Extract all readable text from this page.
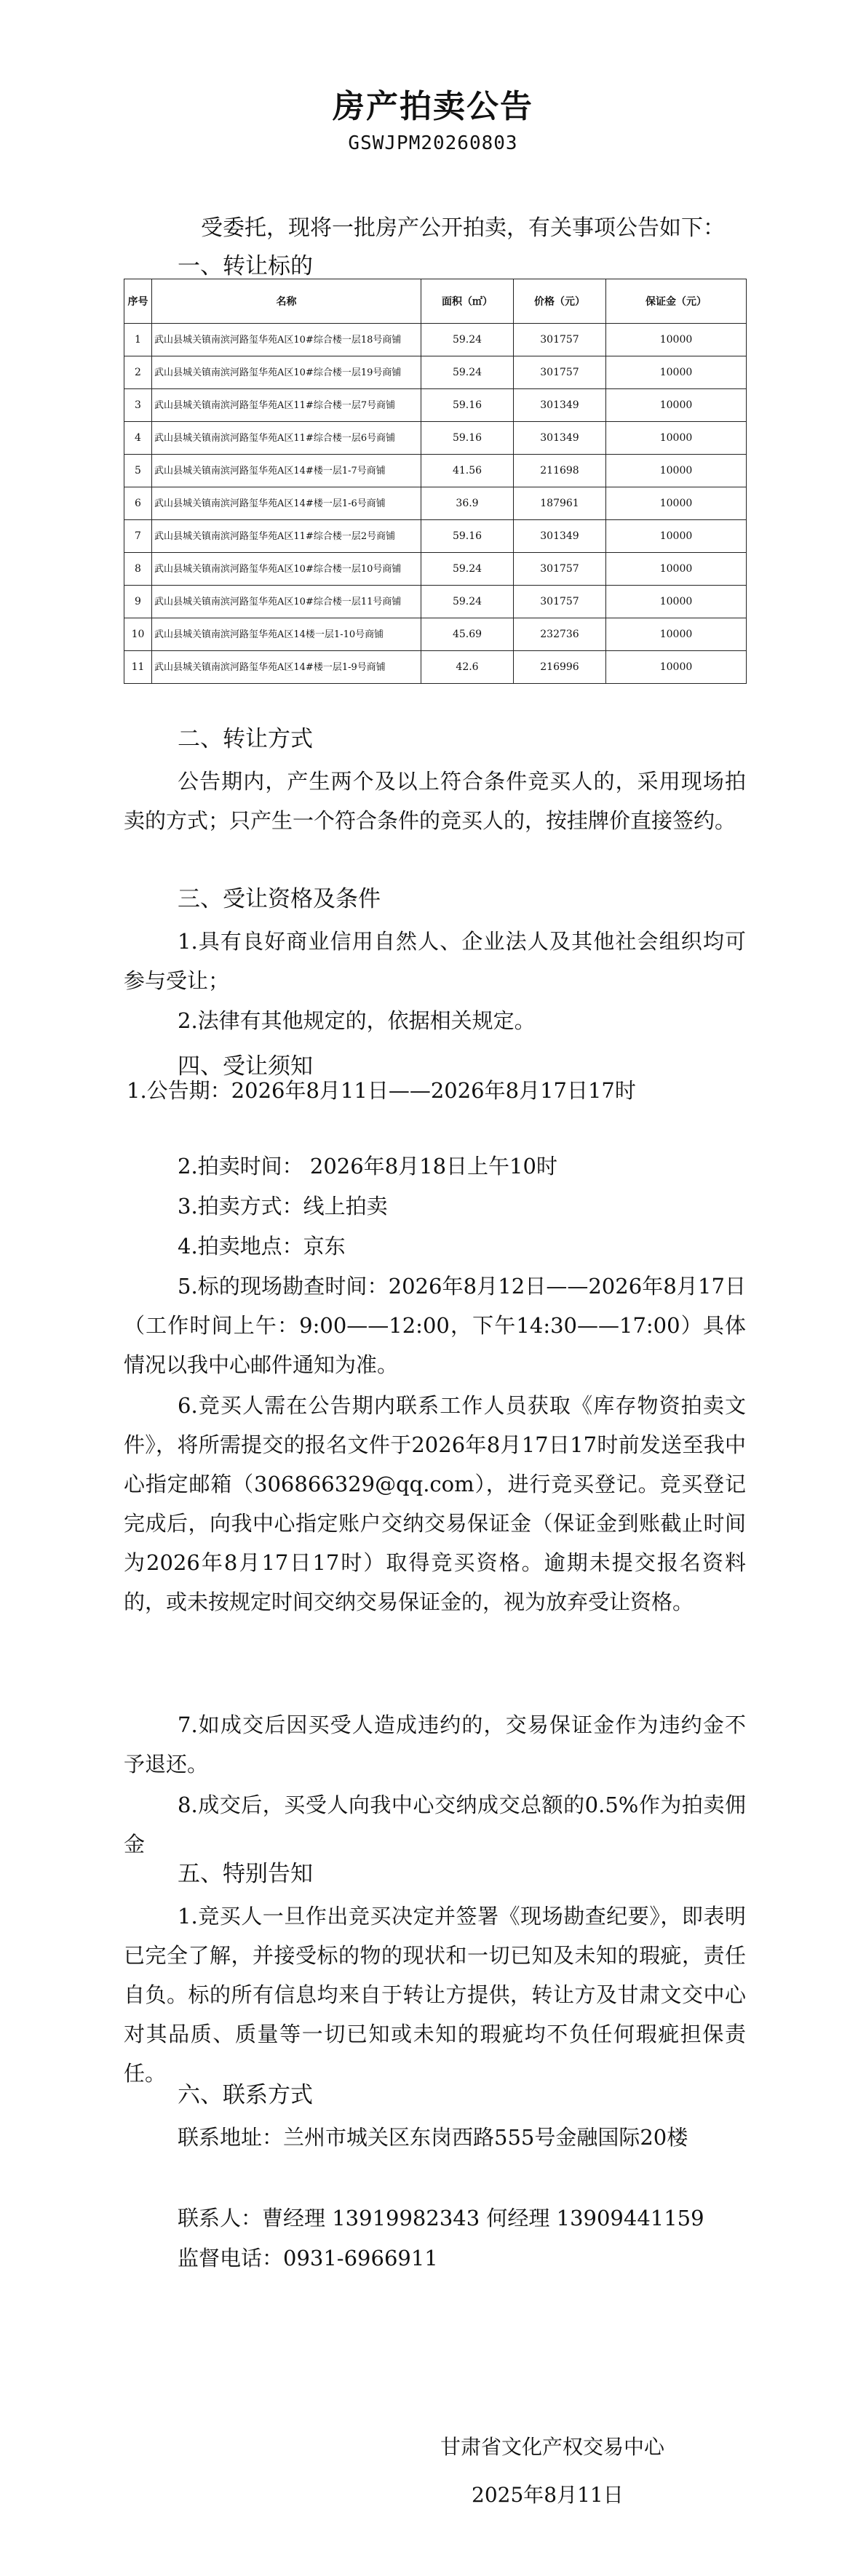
房产拍卖公告
GSWJPM20260803
受委托，现将一批房产公开拍卖，有关事项公告如下：
一、转让标的
序号	名称	面积（㎡）	价格（元）	保证金（元）
1	武山县城关镇南滨河路玺华苑A区10#综合楼一层18号商铺	59.24	301757	10000
2	武山县城关镇南滨河路玺华苑A区10#综合楼一层19号商铺	59.24	301757	10000
3	武山县城关镇南滨河路玺华苑A区11#综合楼一层7号商铺	59.16	301349	10000
4	武山县城关镇南滨河路玺华苑A区11#综合楼一层6号商铺	59.16	301349	10000
5	武山县城关镇南滨河路玺华苑A区14#楼一层1-7号商铺	41.56	211698	10000
6	武山县城关镇南滨河路玺华苑A区14#楼一层1-6号商铺	36.9	187961	10000
7	武山县城关镇南滨河路玺华苑A区11#综合楼一层2号商铺	59.16	301349	10000
8	武山县城关镇南滨河路玺华苑A区10#综合楼一层10号商铺	59.24	301757	10000
9	武山县城关镇南滨河路玺华苑A区10#综合楼一层11号商铺	59.24	301757	10000
10	武山县城关镇南滨河路玺华苑A区14楼一层1-10号商铺	45.69	232736	10000
11	武山县城关镇南滨河路玺华苑A区14#楼一层1-9号商铺	42.6	216996	10000
二、转让方式

公告期内，产生两个及以上符合条件竞买人的，采用现场拍卖的方式；只产生一个符合条件的竞买人的，按挂牌价直接签约。

三、受让资格及条件

1.具有良好商业信用自然人、企业法人及其他社会组织均可参与受让；

2.法律有其他规定的，依据相关规定。

四、受让须知

1.公告期：2026年8月11日——2026年8月17日17时

2.拍卖时间： 2026年8月18日上午10时

3.拍卖方式：线上拍卖

4.拍卖地点：京东

5.标的现场勘查时间：2026年8月12日——2026年8月17日（工作时间上午：9:00——12:00，下午14:30——17:00）具体情况以我中心邮件通知为准。

6.竞买人需在公告期内联系工作人员获取《库存物资拍卖文件》，将所需提交的报名文件于2026年8月17日17时前发送至我中心指定邮箱（306866329@qq.com），进行竞买登记。竞买登记完成后，向我中心指定账户交纳交易保证金（保证金到账截止时间为2026年8月17日17时）取得竞买资格。逾期未提交报名资料的，或未按规定时间交纳交易保证金的，视为放弃受让资格。

7.如成交后因买受人造成违约的，交易保证金作为违约金不予退还。

8.成交后，买受人向我中心交纳成交总额的0.5%作为拍卖佣金

五、特别告知

1.竞买人一旦作出竞买决定并签署《现场勘查纪要》，即表明已完全了解，并接受标的物的现状和一切已知及未知的瑕疵，责任自负。标的所有信息均来自于转让方提供，转让方及甘肃文交中心对其品质、质量等一切已知或未知的瑕疵均不负任何瑕疵担保责任。

六、联系方式

联系地址：兰州市城关区东岗西路555号金融国际20楼

联系人：曹经理 13919982343 何经理 13909441159

监督电话：0931-6966911

甘肃省文化产权交易中心
2025年8月11日
